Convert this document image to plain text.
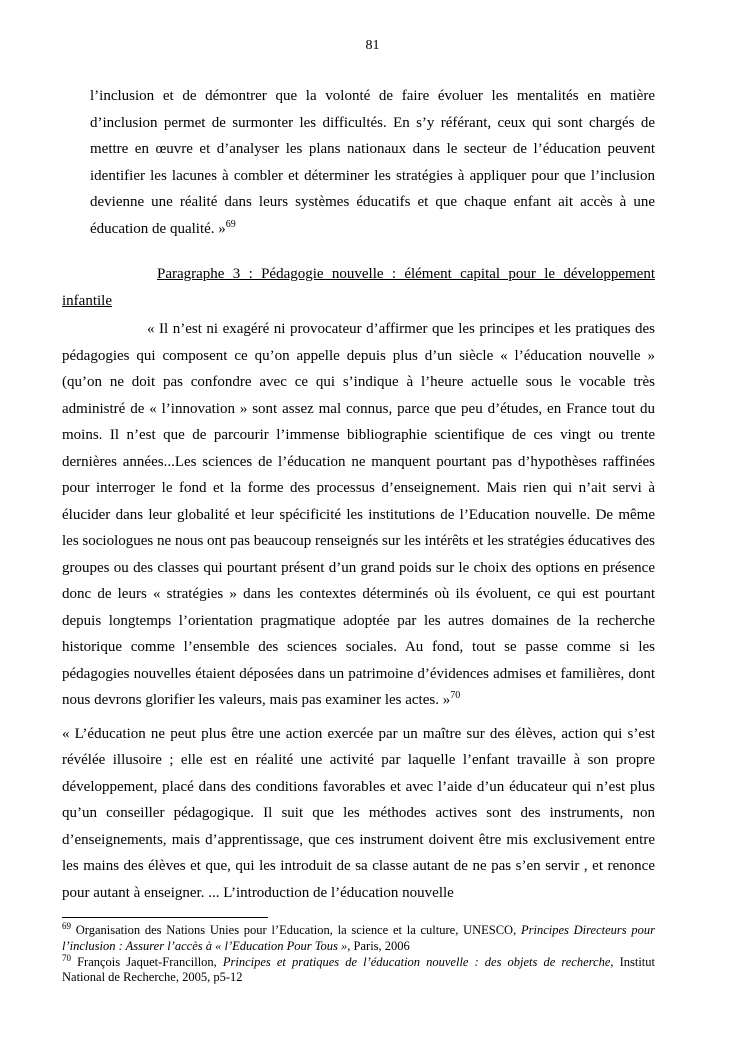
81

l’inclusion et de démontrer que la volonté de faire évoluer les mentalités en matière d’inclusion permet de surmonter les difficultés. En s’y référant, ceux qui sont chargés de mettre en œuvre et d’analyser les plans nationaux dans le secteur de l’éducation peuvent identifier les lacunes à combler et déterminer les stratégies à appliquer pour que l’inclusion devienne une réalité dans leurs systèmes éducatifs et que chaque enfant ait accès à une éducation de qualité. »$^{69}$

Paragraphe 3 : Pédagogie nouvelle : élément capital pour le développement
infantile

« Il n’est ni exagéré ni provocateur d’affirmer que les principes et les pratiques des pédagogies qui composent ce qu’on appelle depuis plus d’un siècle « l’éducation nouvelle » (qu’on ne doit pas confondre avec ce qui s’indique à l’heure actuelle sous le vocable très administré de « l’innovation » sont assez mal connus, parce que peu d’études, en France tout du moins. Il n’est que de parcourir l’immense bibliographie scientifique de ces vingt ou trente dernières années...Les sciences de l’éducation ne manquent pourtant pas d’hypothèses raffinées pour interroger le fond et la forme des processus d’enseignement. Mais rien qui n’ait servi à élucider dans leur globalité et leur spécificité les institutions de l’Education nouvelle. De même les sociologues ne nous ont pas beaucoup renseignés sur les intérêts et les stratégies éducatives des groupes ou des classes qui pourtant présent d’un grand poids sur le choix des options en présence donc de leurs « stratégies » dans les contextes déterminés où ils évoluent, ce qui est pourtant depuis longtemps l’orientation pragmatique adoptée par les autres domaines de la recherche historique comme l’ensemble des sciences sociales. Au fond, tout se passe comme si les pédagogies nouvelles étaient déposées dans un patrimoine d’évidences admises et familières, dont nous devrons glorifier les valeurs, mais pas examiner les actes. »$^{70}$

« L’éducation ne peut plus être une action exercée par un maître sur des élèves, action qui s’est révélée illusoire ; elle est en réalité une activité par laquelle l’enfant travaille à son propre développement, placé dans des conditions favorables et avec l’aide d’un éducateur qui n’est plus qu’un conseiller pédagogique. Il suit que les méthodes actives sont des instruments, non d’enseignements, mais d’apprentissage, que ces instrument doivent être mis exclusivement entre les mains des élèves et que, qui les introduit de sa classe autant de ne pas s’en servir , et renonce pour autant à enseigner. ... L’introduction de l’éducation nouvelle

$^{69}$ Organisation des Nations Unies pour l’Education, la science et la culture, UNESCO, Principes Directeurs pour l’inclusion : Assurer l’accès à « l’Education Pour Tous », Paris, 2006

$^{70}$ François Jaquet-Francillon, Principes et pratiques de l’éducation nouvelle : des objets de recherche, Institut National de Recherche, 2005, p5-12
